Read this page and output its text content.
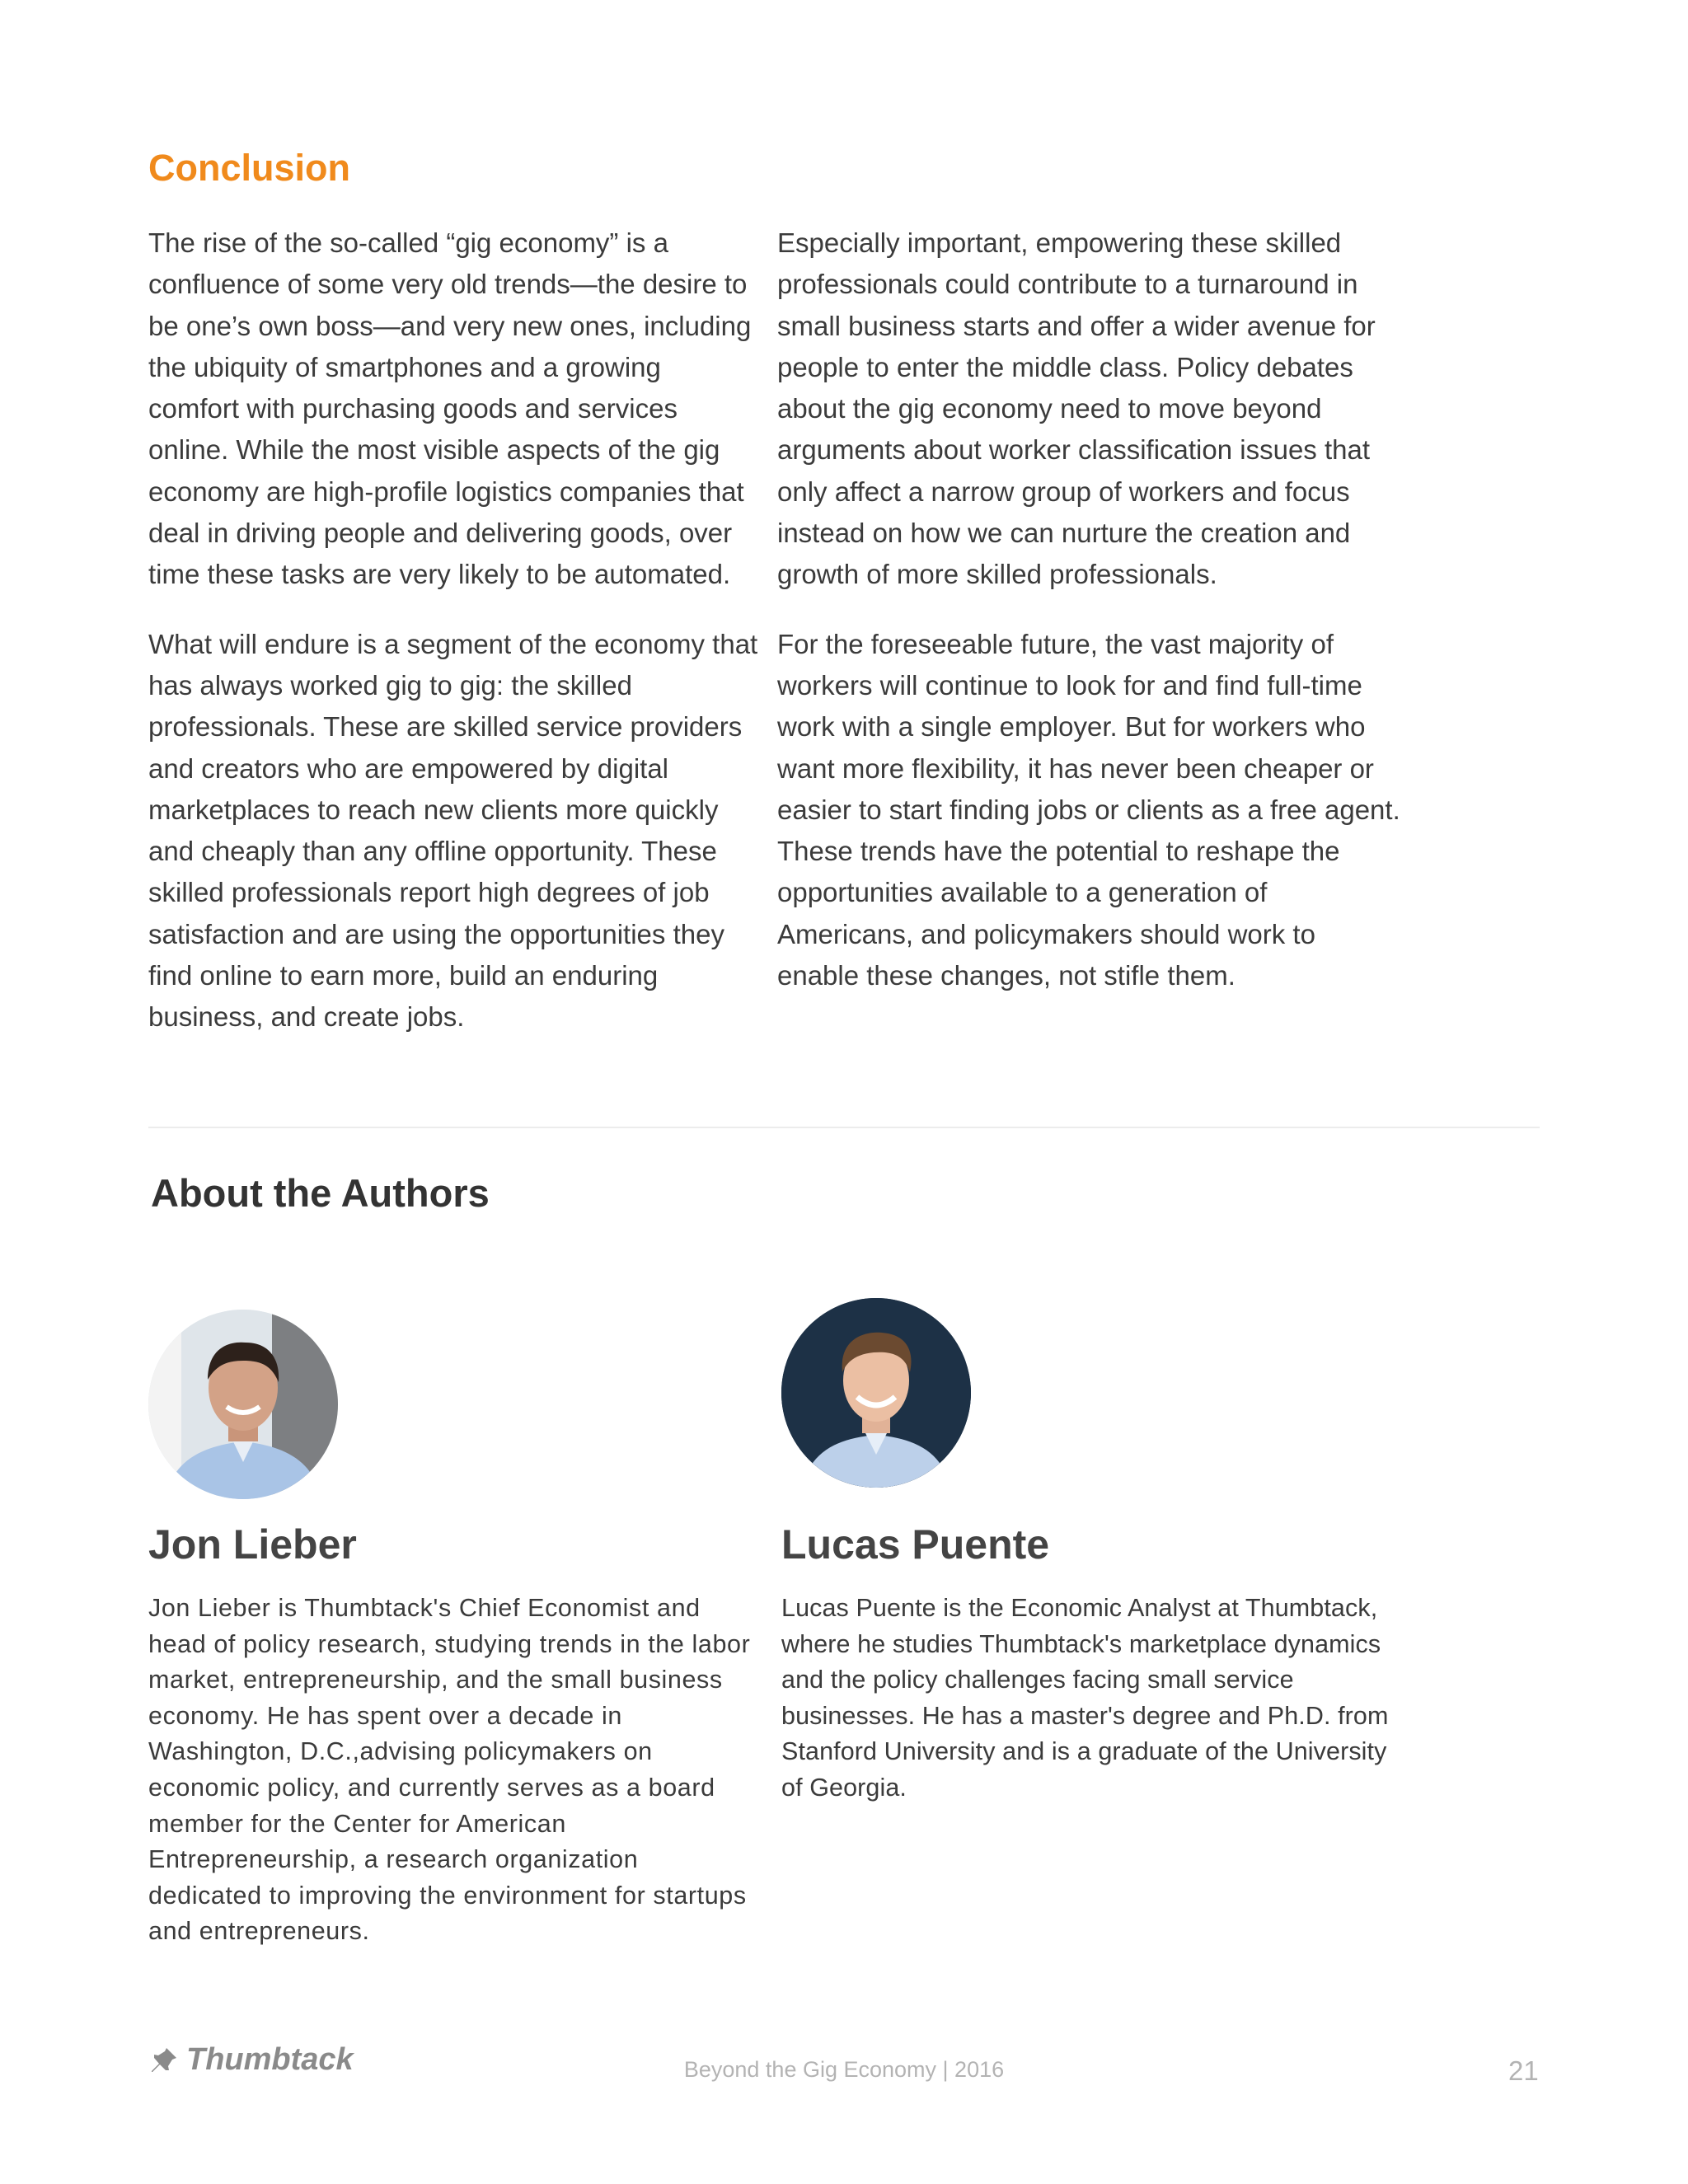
Conclusion

The rise of the so-called “gig economy” is a confluence of some very old trends—the desire to be one’s own boss—and very new ones, including the ubiquity of smartphones and a growing comfort with purchasing goods and services online. While the most visible aspects of the gig economy are high-profile logistics companies that deal in driving people and delivering goods, over time these tasks are very likely to be automated.

What will endure is a segment of the economy that has always worked gig to gig: the skilled professionals. These are skilled service providers and creators who are empowered by digital marketplaces to reach new clients more quickly and cheaply than any offline opportunity. These skilled professionals report high degrees of job satisfaction and are using the opportunities they find online to earn more, build an enduring business, and create jobs.

Especially important, empowering these skilled professionals could contribute to a turnaround in small business starts and offer a wider avenue for people to enter the middle class. Policy debates about the gig economy need to move beyond arguments about worker classification issues that only affect a narrow group of workers and focus instead on how we can nurture the creation and growth of more skilled professionals.

For the foreseeable future, the vast majority of workers will continue to look for and find full-time work with a single employer. But for workers who want more flexibility, it has never been cheaper or easier to start finding jobs or clients as a free agent. These trends have the potential to reshape the opportunities available to a generation of Americans, and policymakers should work to enable these changes, not stifle them.

About the Authors
Jon Lieber

Jon Lieber is Thumbtack's Chief Economist and head of policy research, studying trends in the labor market, entrepreneurship, and the small business economy. He has spent over a decade in Washington, D.C.,advising policymakers on economic policy, and currently serves as a board member for the Center for American Entrepreneurship, a research organization dedicated to improving the environment for startups and entrepreneurs.

Lucas Puente

Lucas Puente is the Economic Analyst at Thumbtack, where he studies Thumbtack's marketplace dynamics and the policy challenges facing small service businesses. He has a master's degree and Ph.D. from Stanford University and is a graduate of the University of Georgia.

Thumbtack	Beyond the Gig Economy | 2016	21
